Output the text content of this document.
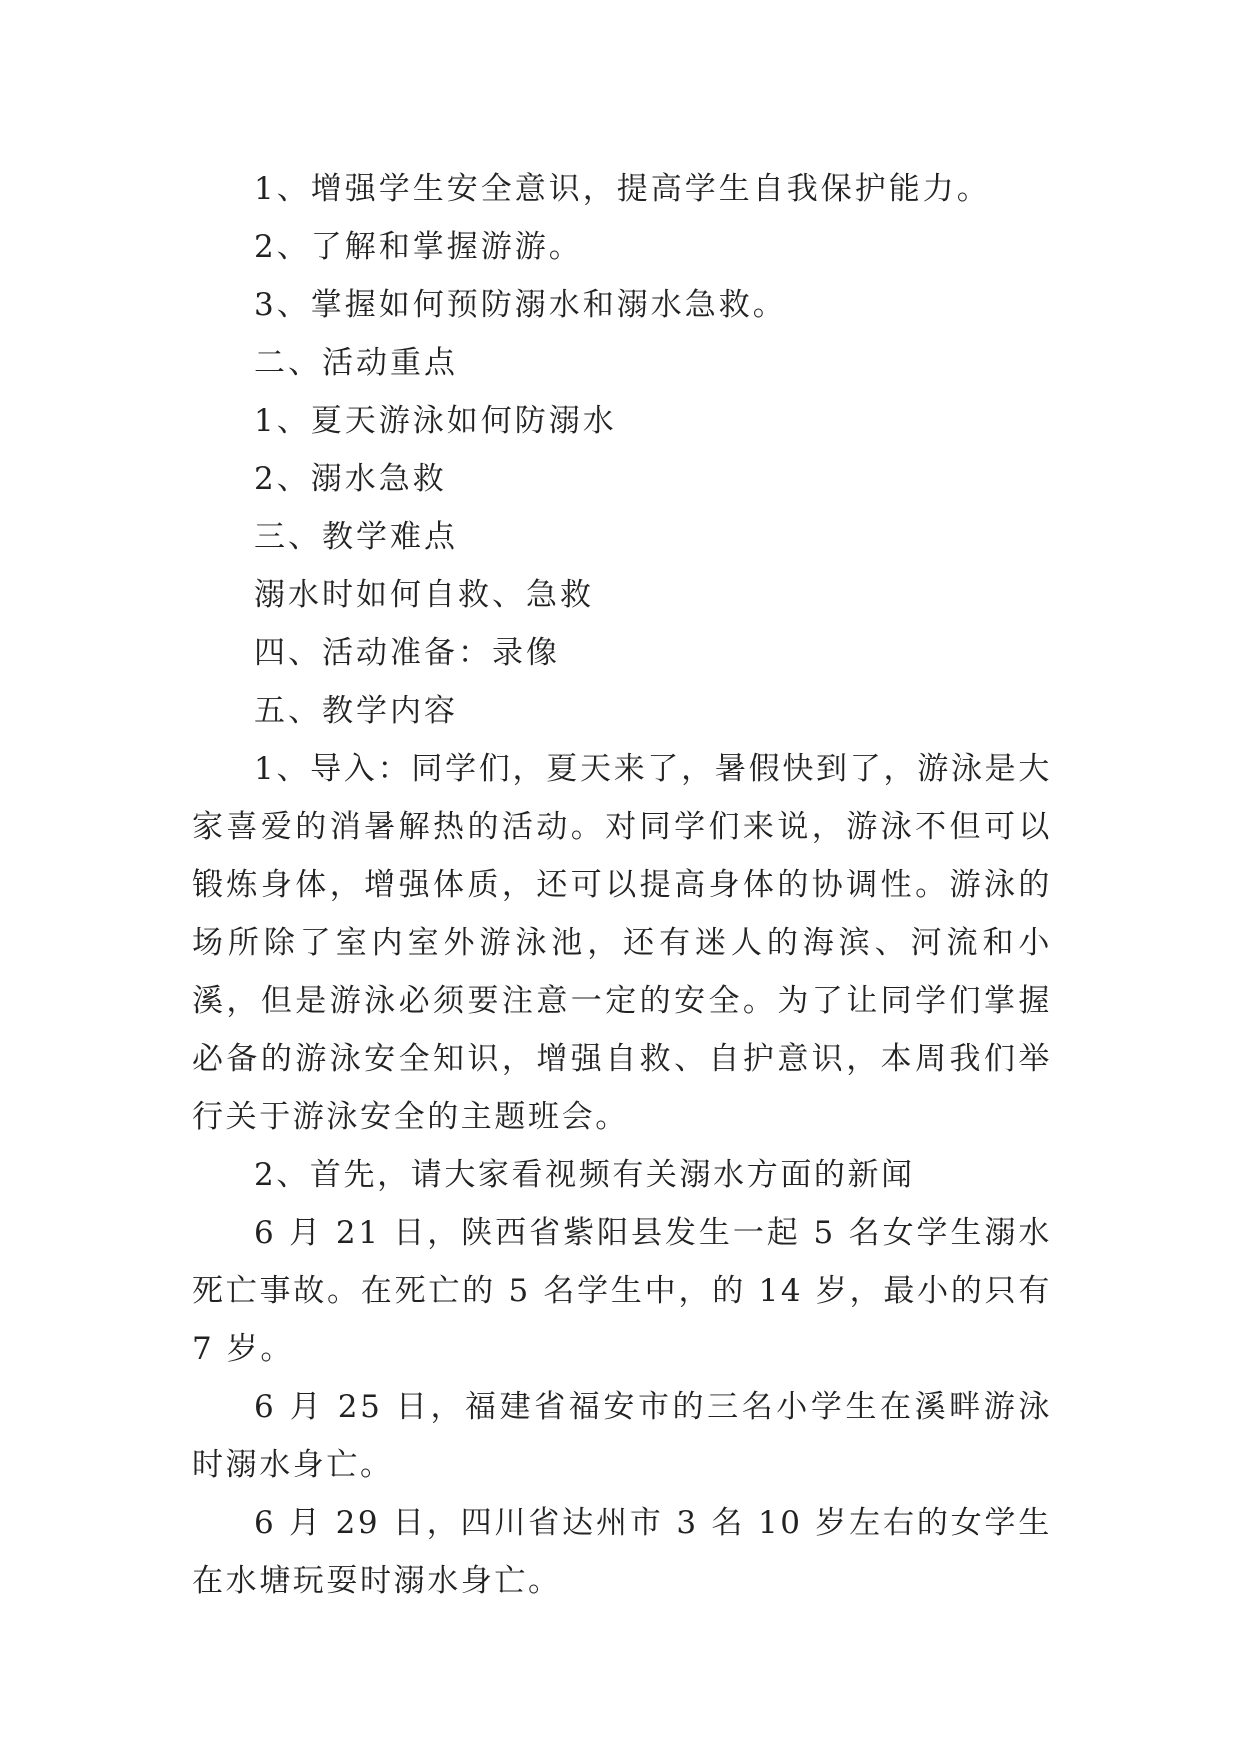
1、增强学生安全意识，提高学生自我保护能力。

2、了解和掌握游游。

3、掌握如何预防溺水和溺水急救。

二、活动重点

1、夏天游泳如何防溺水

2、溺水急救

三、教学难点

溺水时如何自救、急救

四、活动准备：录像

五、教学内容

1、导入：同学们，夏天来了，暑假快到了，游泳是大家喜爱的消暑解热的活动。对同学们来说，游泳不但可以锻炼身体，增强体质，还可以提高身体的协调性。游泳的场所除了室内室外游泳池，还有迷人的海滨、河流和小溪，但是游泳必须要注意一定的安全。为了让同学们掌握必备的游泳安全知识，增强自救、自护意识，本周我们举行关于游泳安全的主题班会。

2、首先，请大家看视频有关溺水方面的新闻

6 月 21 日，陕西省紫阳县发生一起 5 名女学生溺水死亡事故。在死亡的 5 名学生中，的 14 岁，最小的只有 7 岁。

6 月 25 日，福建省福安市的三名小学生在溪畔游泳时溺水身亡。

6 月 29 日，四川省达州市 3 名 10 岁左右的女学生在水塘玩耍时溺水身亡。
